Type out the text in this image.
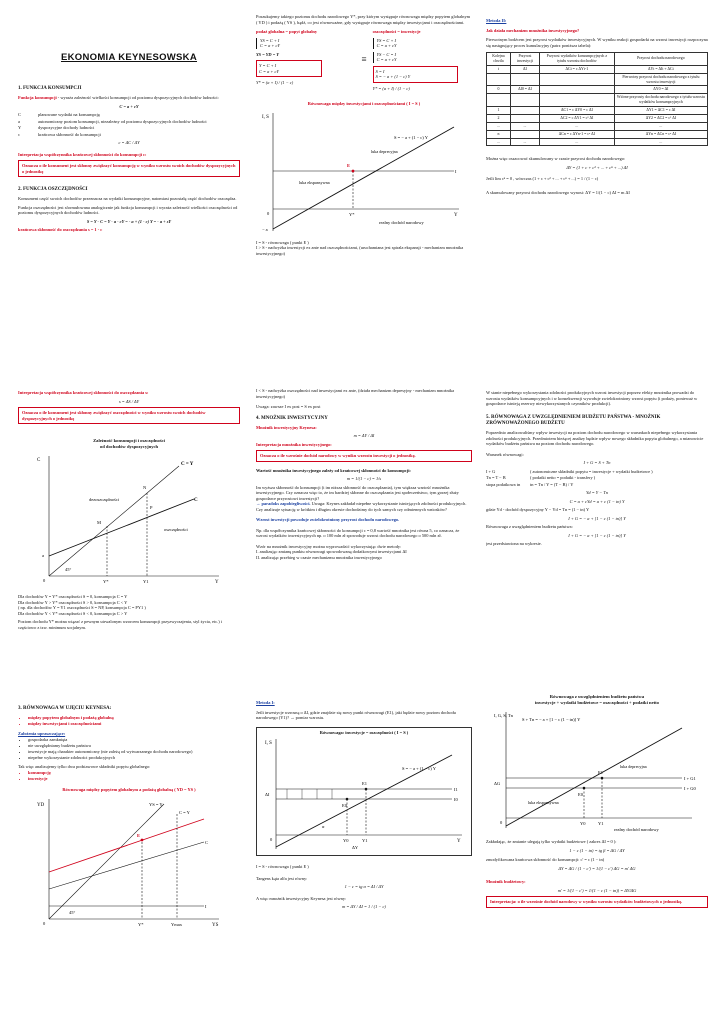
EKONOMIA KEYNESOWSKA
1. FUNKCJA KONSUMPCJI
Funkcja konsumpcji - wyraża zależność wielkości konsumpcji od poziomu dyspozycyjnych dochodów ludności:
C = a + cY
C	planowane wydatki na konsumpcję
a	autonomiczny poziom konsumpcji, niezależny od poziomu dyspozycyjnych dochodów ludności
Y	dyspozycyjne dochody ludności
c	krańcowa skłonność do konsumpcji
c = ΔC / ΔY
Interpretacja współczynnika krańcowej skłonności do konsumpcji c:
Oznacza o ile konsument jest skłonny zwiększyć konsumpcję w wyniku wzrostu swoich dochodów dyspozycyjnych o jednostkę
2. FUNKCJA OSZCZĘDNOŚCI
Konsument część swoich dochodów przeznacza na wydatki konsumpcyjne, natomiast pozostałą część dochodów oszczędza.
Funkcja oszczędności jest sformułowana analogicznie jak funkcja konsumpcji i wyraża zależność wielkości oszczędności od poziomu dyspozycyjnych dochodów ludności.
S = Y - C = Y - a - cY = - a + (1 - c) Y = - a + sY
krańcowa skłonność do oszczędzania s = 1 - c
Interpretacja współczynnika krańcowej skłonności do oszczędzania s:
s = ΔS / ΔY
Oznacza o ile konsument jest skłonny zwiększyć oszczędności w wyniku wzrostu swoich dochodów dyspozycyjnych o jednostkę
Zależność konsumpcji i oszczędności
od dochodów dyspozycyjnych
C
C = Y
C
dezoszczędności
oszczędności
N
P
M
a
45°
0	Y*	Y1	Y
Dla dochodów Y = Y* oszczędności S = 0, konsumpcja C = Y
Dla dochodów Y > Y* oszczędności S > 0, konsumpcja C < Y
( np. dla dochodów Y = Y1 oszczędności S = NP, konsumpcja C = PY1 )
Dla dochodów Y < Y* oszczędności S < 0, konsumpcja C > Y
Poziom dochodu Y* można wiązać z pewnym utrwalonym wzorcem konsumpcji przyzwyczajenia, styl życia, etc.) i częściowo z tzw. minimum socjalnym.
3. RÓWNOWAGA W UJĘCIU KEYNESA:
• między popytem globalnym i podażą globalną
• między inwestycjami i oszczędnościami
Założenia upraszczające:
• gospodarka zamknięta
• nie uwzględniamy budżetu państwa
• inwestycje mają charakter autonomiczny (nie zależą od wytwarzanego dochodu narodowego)
• niepełne wykorzystanie zdolności produkcyjnych
Tak więc analizujemy tylko dwa podstawowe składniki popytu globalnego:
• konsumpcję
• inwestycje
Równowaga między popytem globalnym a podażą globalną ( YD = YS )
YD	YS = Y
C = Y
E
C
I
45°
0	Y*	Ymax	YS
Poszukujemy takiego poziomu dochodu narodowego Y*, przy którym występuje równowaga między popytem globalnym ( YD ) i podażą ( YS ), bądź, co jest równoważne, gdy występuje równowaga między inwestycjami i oszczędnościami.
podaż globalna = popyt globalny
YS = C + I
C = a + cY
YS = YD = Y
Y = C + I
C = a + cY
Y* = (a + I) / (1 − c)
≡
oszczędności = inwestycje
YS = C + I
C = a + cY
YS − C = I
C = a + cY
S = I
S = − a + (1 − c) Y
Y* = (a + I) / (1 − c)
Równowaga między inwestycjami i oszczędnościami ( I = S )
I, S
S = − a + (1 − c) Y
I
luka deprecyjna
luka ekspansywna
E
− a
0	Y*	Y
realny dochód narodowy
I = S - równowaga ( punkt E )
I > S - nadwyżka inwestycji ex ante nad oszczędnościami, (uruchamiana jest spirala ekspansji - mechanizm mnożnika inwestycyjnego)
I < S - nadwyżka oszczędności nad inwestycjami ex ante, (działa mechanizm depresyjny - mechanizm mnożnika inwestycyjnego)
Uwaga: zawsze I ex post = S ex post
4. MNOŻNIK INWESTYCYJNY
Mnożnik inwestycyjny Keynesa:
m = ΔY / ΔI
Interpretacja mnożnika inwestycyjnego:
Oznacza o ile wzrośnie dochód narodowy w wyniku wzrostu inwestycji o jednostkę.
Wartość mnożnika inwestycyjnego zależy od krańcowej skłonności do konsumpcji:
m = 1/(1 − c) = 1/s
Im wyższa skłonność do konsumpcji (i im niższa skłonność do oszczędzania), tym większa wartość mnożnika inwestycyjnego. Czy oznacza więc to, że im bardziej skłonne do oszczędzania jest społeczeństwo, tym gorzej służy gospodarce przyrostowi inwestycji?
→ paradoks zapobiegliwości. Uwaga: Keynes zakładał niepełne wykorzystanie istniejących zdolności produkcyjnych. Czy analizuje sytuację w krótkim i długim okresie dochodzimy do tych samych czy odmiennych wniosków?
Wzrost inwestycji powoduje zwielokrotniony przyrost dochodu narodowego.
Np. dla współczynnika krańcowej skłonności do konsumpcji c = 0,8 wartość mnożnika jest równa 5, co oznacza, że wzrost wydatków inwestycyjnych np. o 100 mln zł spowoduje wzrost dochodu narodowego o 500 mln zł.
Wzór na mnożnik inwestycyjny można wyprowadzić wykorzystując dwie metody:
I. analizując zmianę punktu równowagi spowodowaną dodatkowymi inwestycjami ΔI
II. analizując przebieg w czasie mechanizmu mnożnika inwestycyjnego
Metoda I:
Jeśli inwestycje wzrosną o ΔI, gdzie znajdzie się nowy punkt równowagi (E1), jaki będzie nowy poziom dochodu narodowego (Y1)? → pomiar wzrostu.
Równowaga: inwestycje = oszczędności ( I = S )
I, S
S = − a + (1 − c) Y
I1
I0
ΔI
E1
E0
α
0	Y0	Y1	Y
ΔY
I = S - równowaga ( punkt E )
Tangens kąta alfa jest równy:
1 − c = tg α = ΔI / ΔY
A więc mnożnik inwestycyjny Keynesa jest równy:
m = ΔY / ΔI = 1 / (1 − c)
Metoda II:
Jak działa mechanizm mnożnika inwestycyjnego?
Pierwotnym bodźcem jest przyrost wydatków inwestycyjnych. W wyniku reakcji gospodarki na wzrost inwestycji rozpoczyna się następujący proces kumulacyjny (patrz poniższa tabela):
Kolejna chwila	Przyrost inwestycji	Przyrost wydatków konsumpcyjnych z tytułu wzrostu dochodów	Przyrost dochodu narodowego
t	ΔI	ΔCt = c ΔYt-1	ΔYt = ΔIt + ΔCt
			Pierwotny przyrost dochodu narodowego z tytułu wzrostu inwestycji
0	ΔI0 = ΔI		ΔY0 = ΔI
			Wtórne przyrosty dochodu narodowego z tytułu wzrostu wydatków konsumpcyjnych
1		ΔC1 = c ΔY0 = c ΔI	ΔY1 = ΔC1 = c ΔI
2		ΔC2 = c ΔY1 = c² ΔI	ΔY2 = ΔC2 = c² ΔI
...	...	...	...
n		ΔCn = c ΔYn-1 = cⁿ ΔI	ΔYn = ΔCn = cⁿ ΔI
...	...	...	...
Można więc oszacować skumulowany w czasie przyrost dochodu narodowego:
ΔY = (1 + c + c² + ... + cⁿ + ...) ΔI
Jeśli lim cⁿ = 0 , wówczas (1 + c + c² + ... + cⁿ + ...) = 1 / (1 − c)
A skumulowany przyrost dochodu narodowego wynosi: ΔY = 1/(1 − c) ΔI = m ΔI
W stanie niepełnego wykorzystania zdolności produkcyjnych wzrost inwestycji poprzez efekty mnożnika prowadzi do wzrostu wydatków konsumpcyjnych i w konsekwencji wywołuje zwielokrotniony wzrost popytu (i podaży, ponieważ w gospodarce istnieją rezerwy niewykorzystanych czynników produkcji).
5. RÓWNOWAGA Z UWZGLĘDNIENIEM BUDŻETU PAŃSTWA - MNOŻNIK ZRÓWNOWAŻONEGO BUDŻETU
Poprzednio analizowaliśmy wpływ inwestycji na poziom dochodu narodowego w warunkach niepełnego wykorzystania zdolności produkcyjnych. Przedmiotem bieżącej analizy będzie wpływ nowego składnika popytu globalnego, a mianowicie wydatków budżetu państwa na poziom dochodu narodowego.
Warunek równowagi:
I + G = S + Tn
I + G	( autonomiczne składniki popytu = inwestycje + wydatki budżetowe )
Tn = T − B	( podatki netto = podatki - transfery )
stopa podatkowa tn	tn = Tn / Y = (T − B) / Y
Yd = Y − Tn
C = a + cYd = a + c (1 − tn) Y
gdzie Yd - dochód dyspozycyjny Y − Yd = Tn = (1 − tn) Y
I + G = − a + [1 − c (1 − tn)] Y
Równowaga z uwzględnieniem budżetu państwa:
I + G = − a + [1 − c (1 − tn)] Y
jest przedstawiona na wykresie.
Równowaga z uwzględnieniem budżetu państwa
inwestycje + wydatki budżetowe = oszczędności + podatki netto
I, G, S, Tn
S + Tn = − a + [1 − c (1 − tn)] Y
I + G1
I + G0
ΔG
E1
E0
luka deprecyjna
luka ekspansywna
0	Y0	Y1
realny dochód narodowy
Zakładając, że zmianie ulegają tylko wydatki budżetowe ( zakres ΔI = 0 ):
1 − c (1 − tn) = tg β = ΔG / ΔY
zmodyfikowana krańcowa skłonność do konsumpcji: c' = c (1 − tn)
ΔY = ΔG / (1 − c') = 1/(1 − c') ΔG = m' ΔG
Mnożnik budżetowy:
m' = 1/(1 − c') = 1/(1 − c (1 − tn)) = ΔY/ΔG
Interpretacja: o ile wzrośnie dochód narodowy w wyniku wzrostu wydatków budżetowych o jednostkę.
